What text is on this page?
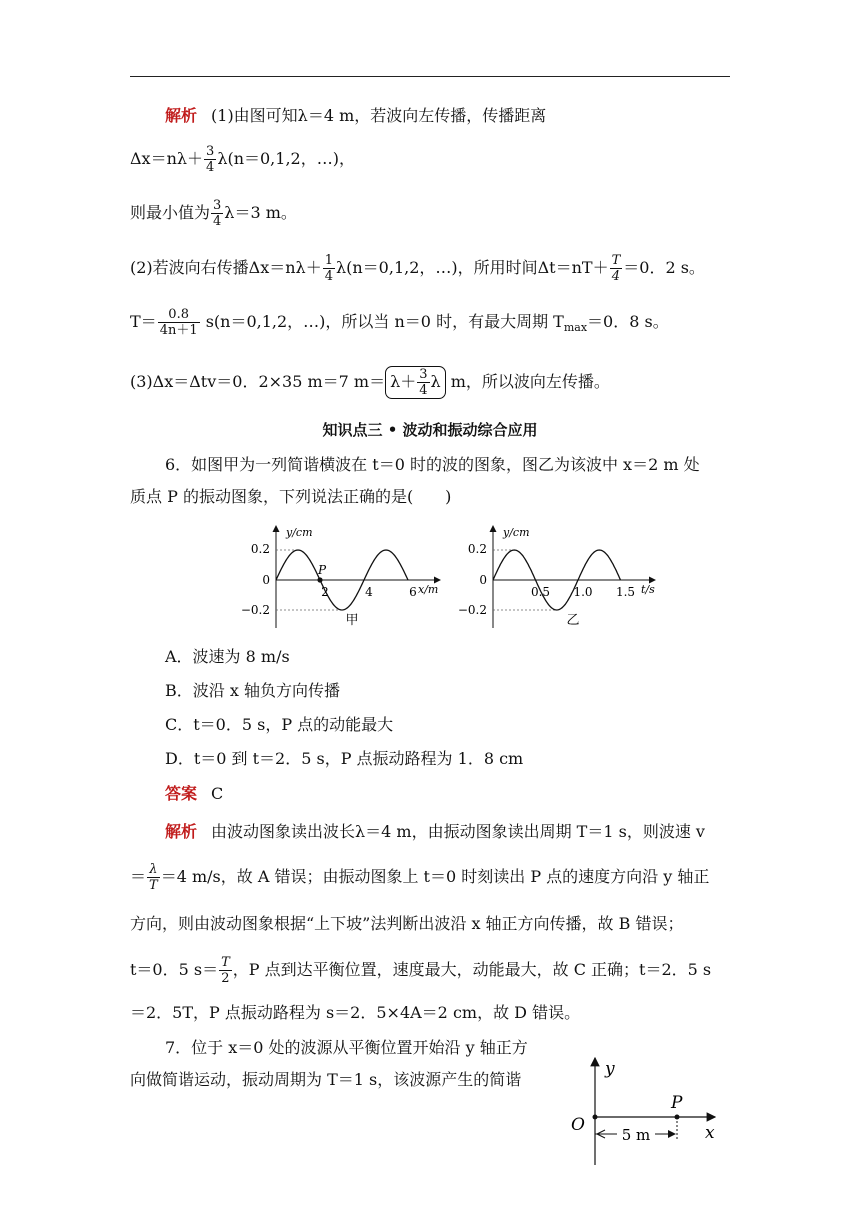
解析 (1)由图可知λ＝4 m，若波向左传播，传播距离
$\Delta x=n\lambda+ \frac{3}{4} \lambda(n=0,1,2$，…)，
则最小值为 $\frac{3}{4} \lambda=3$ m。
(2)若波向右传播$\Delta x=n\lambda+ \frac{1}{4} \lambda(n=0,1,2$，…)，所用时间$\Delta t=nT+ \frac{T}{4} =0$．2 s。
$T= \frac{0.8}{4n+1} s(n=0,1,2$，…)，所以当 n＝0 时，有最大周期 $T_{max}=0$．8 s。
(3)Δx＝Δtv＝0．2×35 m＝7 $m= \lambda+ \frac{3}{4}$ λ m，所以波向左传播。
知识点三 • 波动和振动综合应用
6．如图甲为一列简谐横波在 t＝0 时的波的图象，图乙为该波中 x＝2 m 处
质点 P 的振动图象，下列说法正确的是(　　)
P
y/cm
x/m
0.2
0
−0.2
2	4	6
甲
y/cm
t/s
0.2
0
−0.2
0.5 1.0 1.5
乙
A．波速为 8 m/s
B．波沿 x 轴负方向传播
C．t＝0．5 s，P 点的动能最大
D．t＝0 到 t＝2．5 s，P 点振动路程为 1．8 cm
答案 C
解析 由波动图象读出波长λ＝4 m，由振动图象读出周期 T＝1 s，则波速 v
＝ $\frac{\lambda}{T} =4$ m/s，故 A 错误；由振动图象上 t＝0 时刻读出 P 点的速度方向沿 y 轴正
方向，则由波动图象根据“上下坡”法判断出波沿 x 轴正方向传播，故 B 错误；
t＝0．5 $s= \frac{T}{2}$ ，P 点到达平衡位置，速度最大，动能最大，故 C 正确；t＝2．5 s
＝2．5T，P 点振动路程为 s＝2．5×4A＝2 cm，故 D 错误。
7．位于 x＝0 处的波源从平衡位置开始沿 y 轴正方
向做简谐运动，振动周期为 T＝1 s，该波源产生的简谐
y
x
O
P
5 m
